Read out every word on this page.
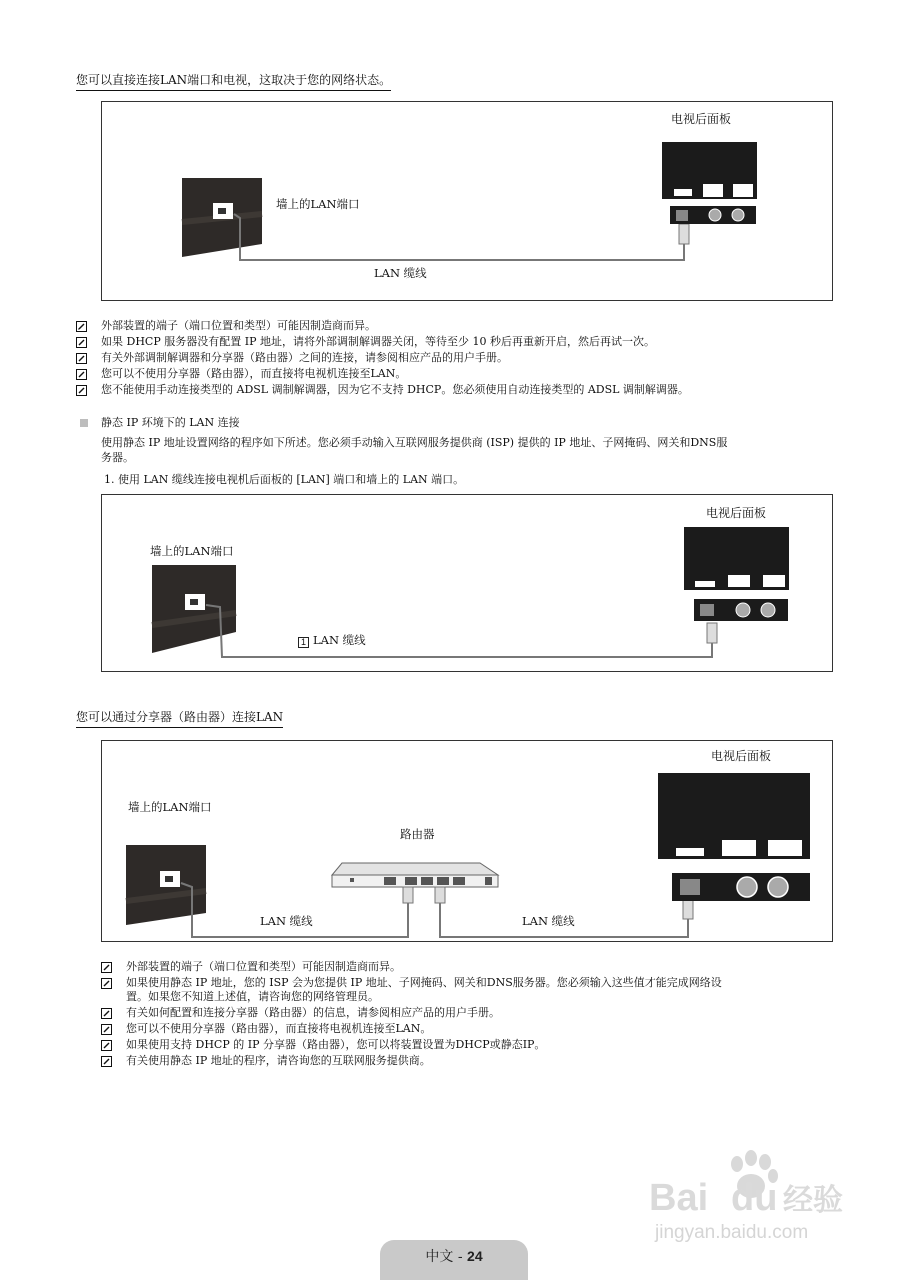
您可以直接连接LAN端口和电视，这取决于您的网络状态。
电视后面板
墙上的LAN端口
LAN 缆线
外部装置的端子（端口位置和类型）可能因制造商而异。
如果 DHCP 服务器没有配置 IP 地址，请将外部调制解调器关闭，等待至少 10 秒后再重新开启，然后再试一次。
有关外部调制解调器和分享器（路由器）之间的连接，请参阅相应产品的用户手册。
您可以不使用分享器（路由器），而直接将电视机连接至LAN。
您不能使用手动连接类型的 ADSL 调制解调器，因为它不支持 DHCP。您必须使用自动连接类型的 ADSL 调制解调器。
静态 IP 环境下的 LAN 连接
使用静态 IP 地址设置网络的程序如下所述。您必须手动输入互联网服务提供商 (ISP) 提供的 IP 地址、子网掩码、网关和DNS服
务器。
1. 使用 LAN 缆线连接电视机后面板的 [LAN] 端口和墙上的 LAN 端口。
电视后面板
墙上的LAN端口
1 LAN 缆线
您可以通过分享器（路由器）连接LAN
电视后面板
墙上的LAN端口
路由器
LAN 缆线	LAN 缆线
外部装置的端子（端口位置和类型）可能因制造商而异。
如果使用静态 IP 地址，您的 ISP 会为您提供 IP 地址、子网掩码、网关和DNS服务器。您必须输入这些值才能完成网络设
置。如果您不知道上述值，请咨询您的网络管理员。
有关如何配置和连接分享器（路由器）的信息，请参阅相应产品的用户手册。
您可以不使用分享器（路由器），而直接将电视机连接至LAN。
如果使用支持 DHCP 的 IP 分享器（路由器），您可以将装置设置为DHCP或静态IP。
有关使用静态 IP 地址的程序，请咨询您的互联网服务提供商。
Bai du 经验
jingyan.baidu.com
中文 - 24
